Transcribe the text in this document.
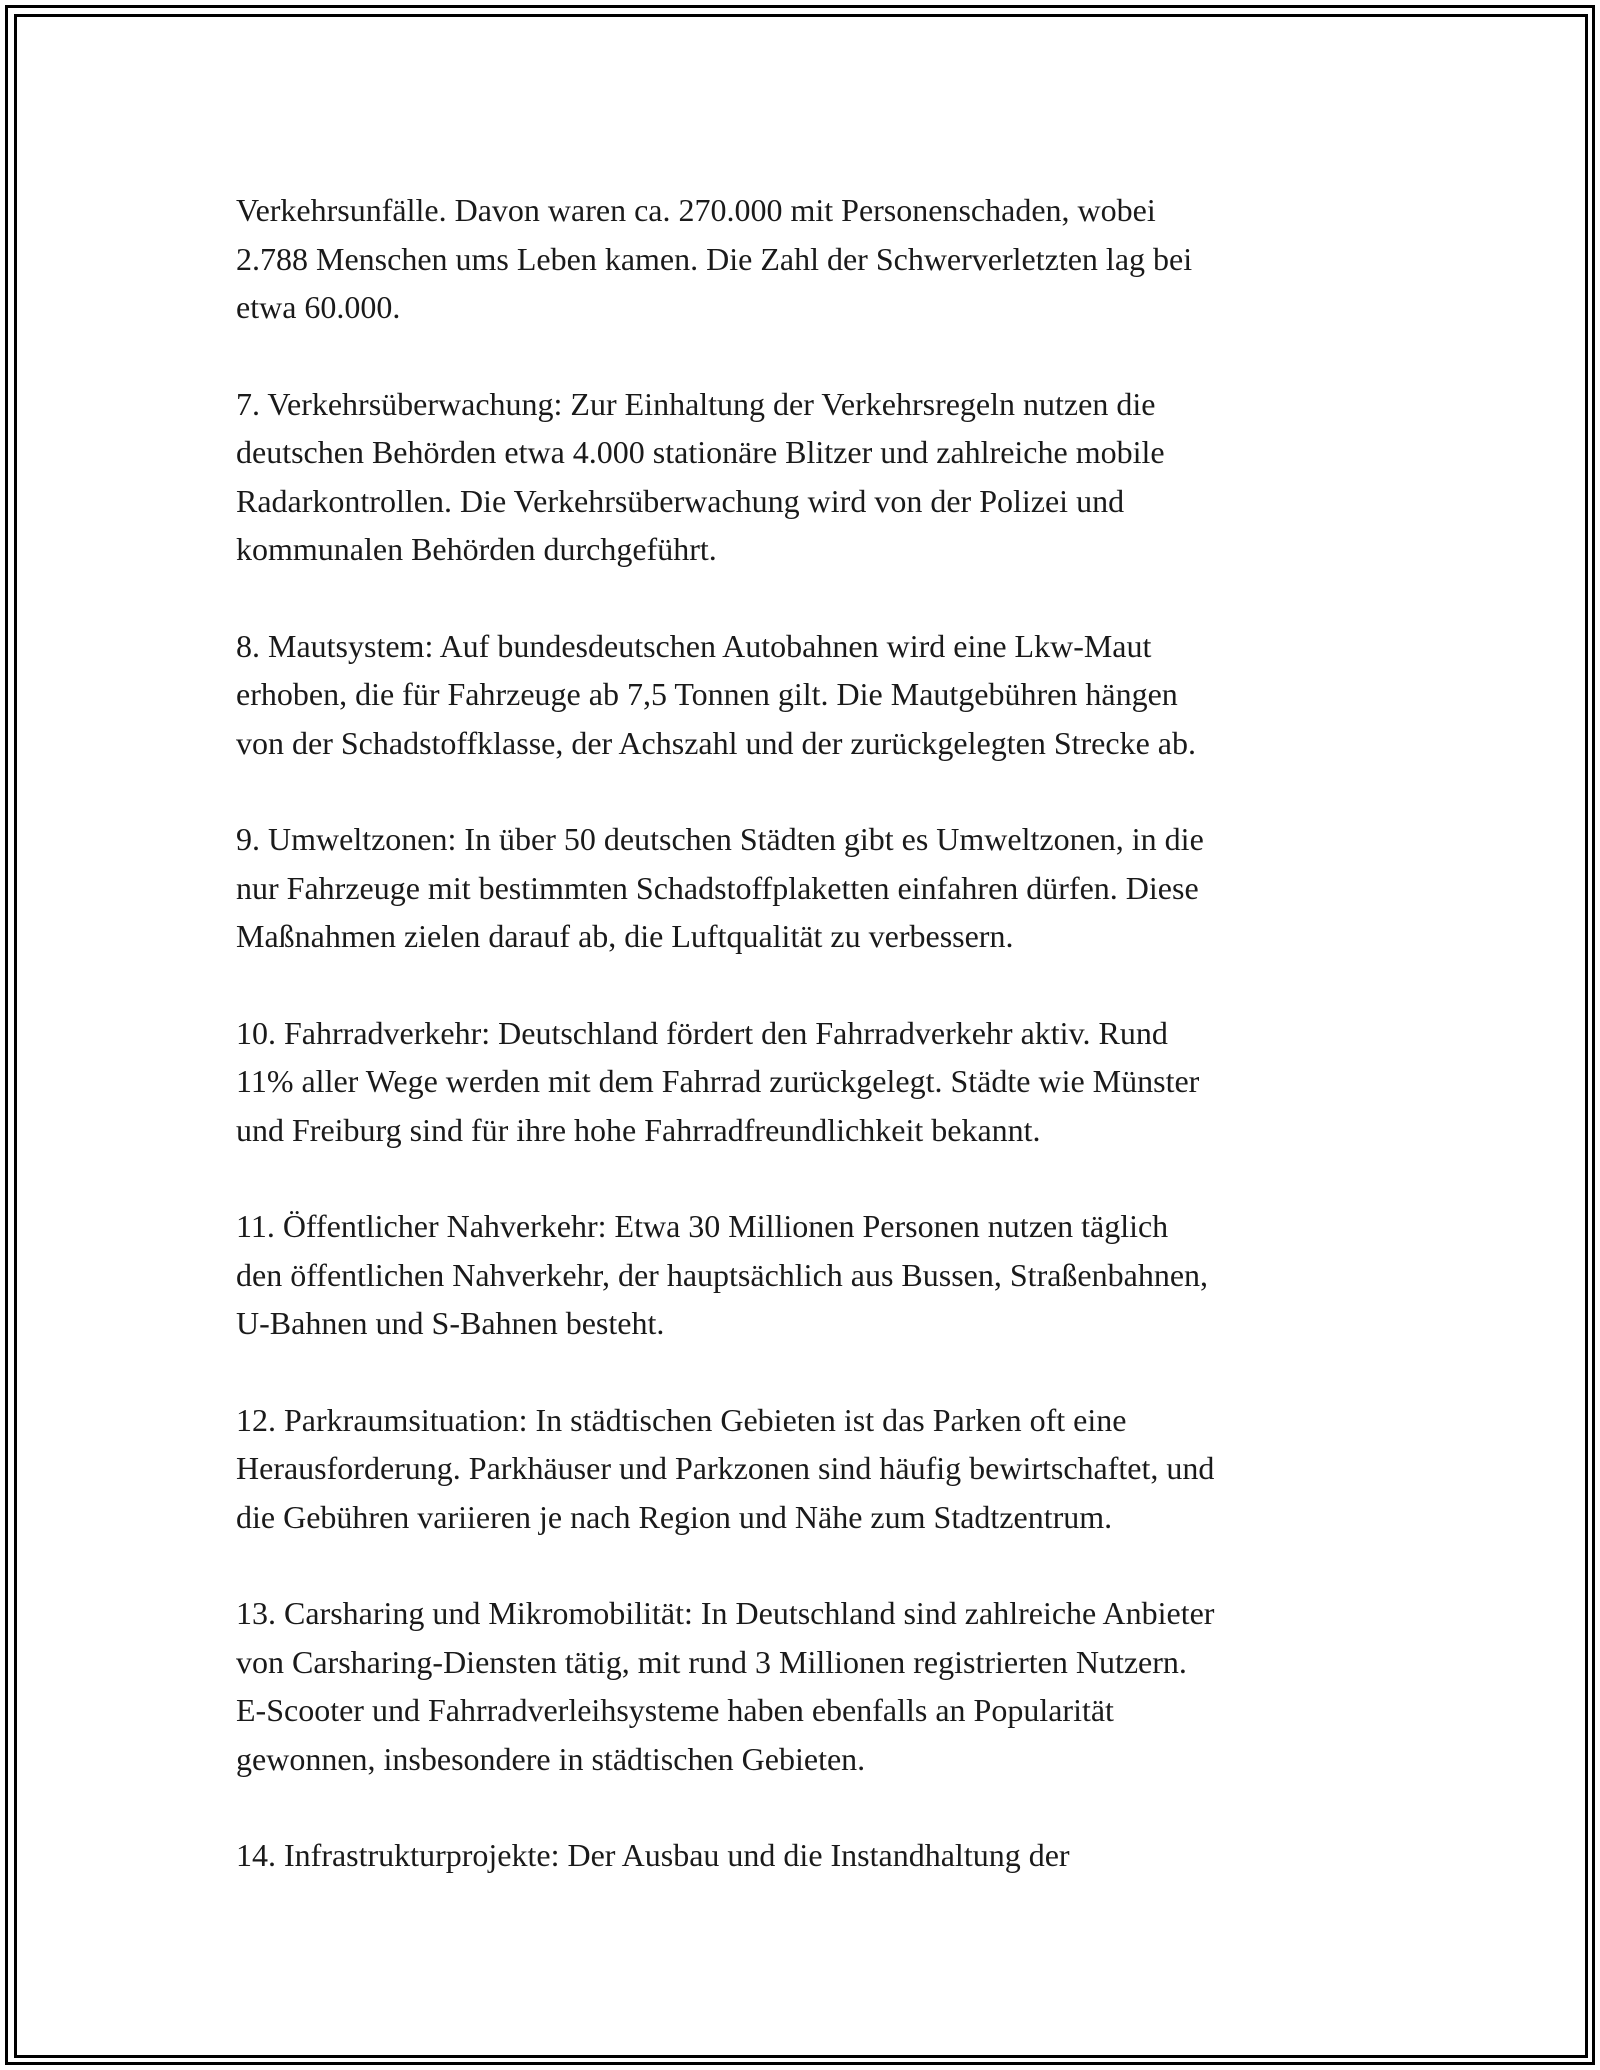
Verkehrsunfälle. Davon waren ca. 270.000 mit Personenschaden, wobei
2.788 Menschen ums Leben kamen. Die Zahl der Schwerverletzten lag bei
etwa 60.000.

7. Verkehrsüberwachung: Zur Einhaltung der Verkehrsregeln nutzen die
deutschen Behörden etwa 4.000 stationäre Blitzer und zahlreiche mobile
Radarkontrollen. Die Verkehrsüberwachung wird von der Polizei und
kommunalen Behörden durchgeführt.

8. Mautsystem: Auf bundesdeutschen Autobahnen wird eine Lkw-Maut
erhoben, die für Fahrzeuge ab 7,5 Tonnen gilt. Die Mautgebühren hängen
von der Schadstoffklasse, der Achszahl und der zurückgelegten Strecke ab.

9. Umweltzonen: In über 50 deutschen Städten gibt es Umweltzonen, in die
nur Fahrzeuge mit bestimmten Schadstoffplaketten einfahren dürfen. Diese
Maßnahmen zielen darauf ab, die Luftqualität zu verbessern.

10. Fahrradverkehr: Deutschland fördert den Fahrradverkehr aktiv. Rund
11% aller Wege werden mit dem Fahrrad zurückgelegt. Städte wie Münster
und Freiburg sind für ihre hohe Fahrradfreundlichkeit bekannt.

11. Öffentlicher Nahverkehr: Etwa 30 Millionen Personen nutzen täglich
den öffentlichen Nahverkehr, der hauptsächlich aus Bussen, Straßenbahnen,
U-Bahnen und S-Bahnen besteht.

12. Parkraumsituation: In städtischen Gebieten ist das Parken oft eine
Herausforderung. Parkhäuser und Parkzonen sind häufig bewirtschaftet, und
die Gebühren variieren je nach Region und Nähe zum Stadtzentrum.

13. Carsharing und Mikromobilität: In Deutschland sind zahlreiche Anbieter
von Carsharing-Diensten tätig, mit rund 3 Millionen registrierten Nutzern.
E-Scooter und Fahrradverleihsysteme haben ebenfalls an Popularität
gewonnen, insbesondere in städtischen Gebieten.

14. Infrastrukturprojekte: Der Ausbau und die Instandhaltung der
